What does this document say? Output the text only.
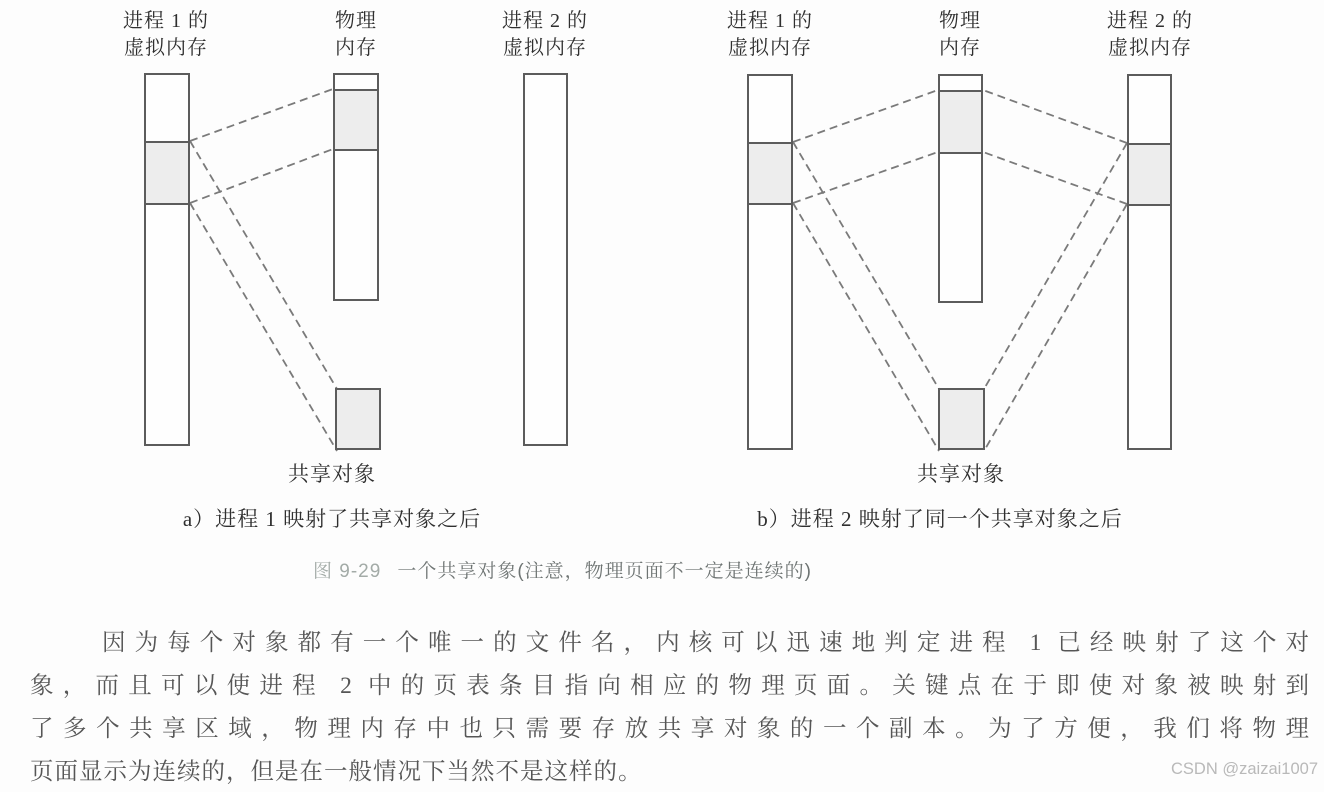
进程 1 的
虚拟内存
物理
内存
进程 2 的
虚拟内存
进程 1 的
虚拟内存
物理
内存
进程 2 的
虚拟内存
共享对象	共享对象
a）进程 1 映射了共享对象之后	b）进程 2 映射了同一个共享对象之后
图 9-29 一个共享对象(注意，物理页面不一定是连续的)
因为每个对象都有一个唯一的文件名，内核可以迅速地判定进程 1 已经映射了这个对
象，而且可以使进程 2 中的页表条目指向相应的物理页面。关键点在于即使对象被映射到
了多个共享区域，物理内存中也只需要存放共享对象的一个副本。为了方便，我们将物理
页面显示为连续的，但是在一般情况下当然不是这样的。	CSDN @zaizai1007
